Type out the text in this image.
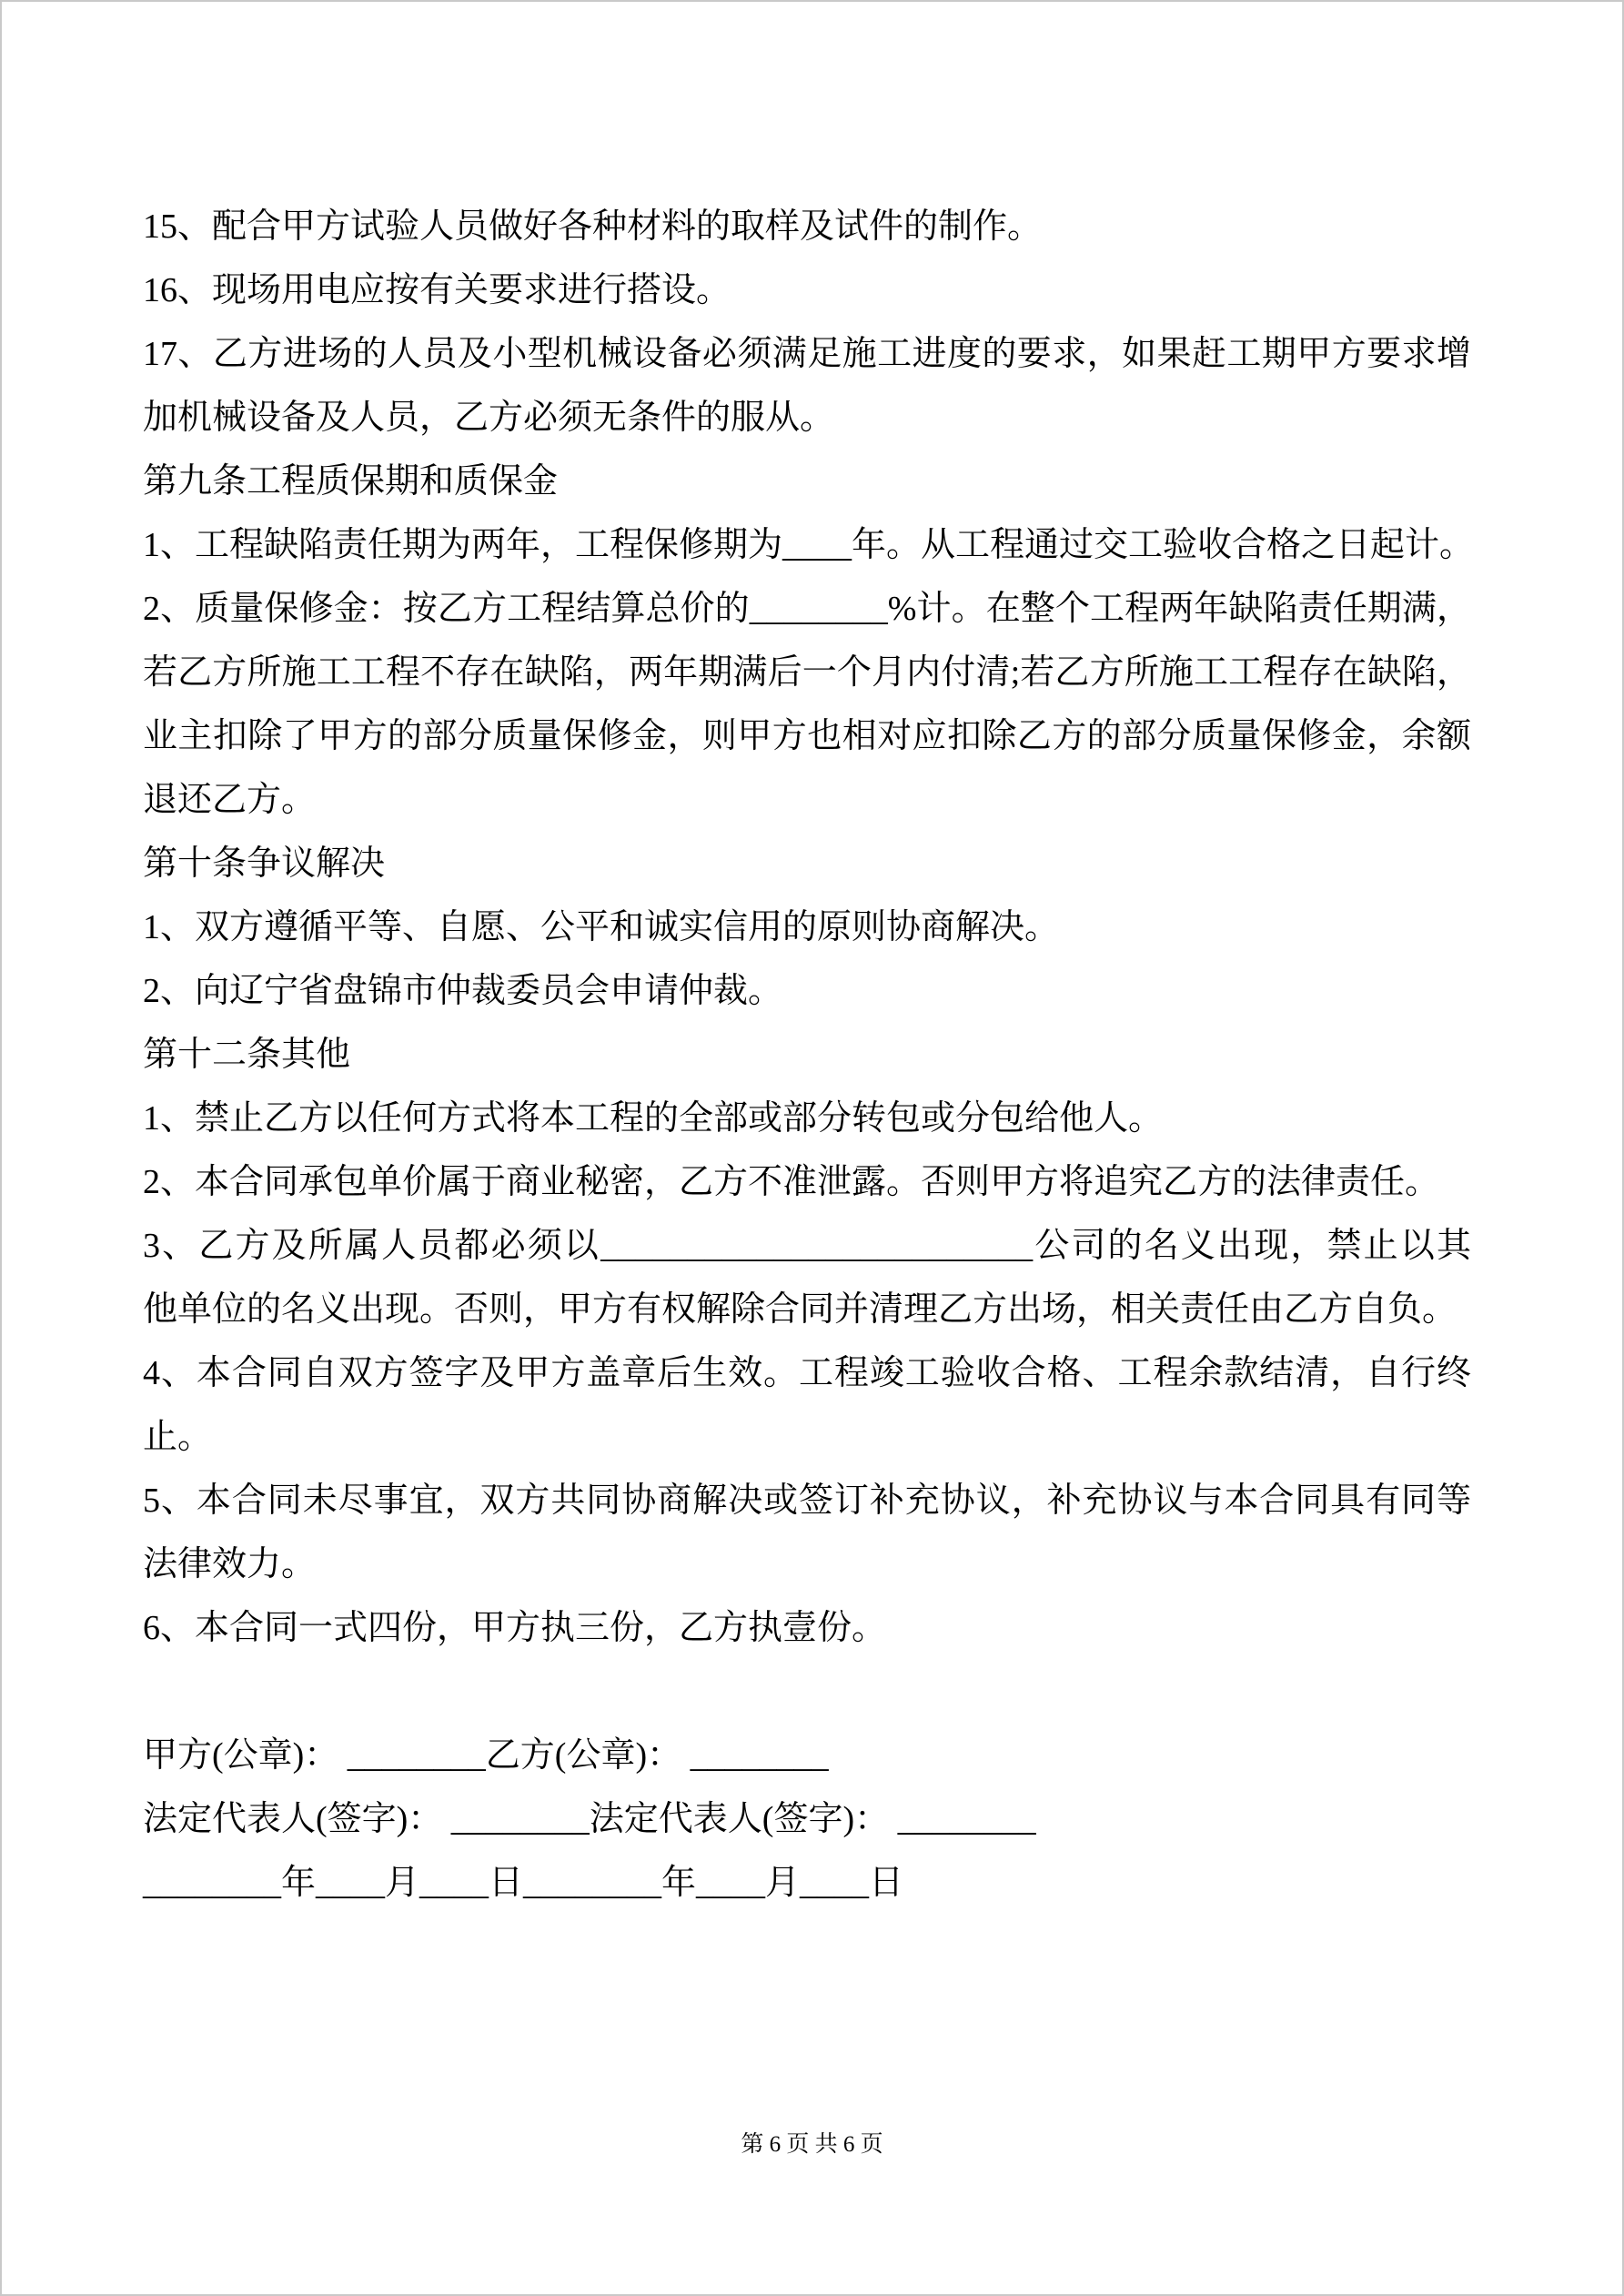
15、配合甲方试验人员做好各种材料的取样及试件的制作。
16、现场用电应按有关要求进行搭设。
17、乙方进场的人员及小型机械设备必须满足施工进度的要求，如果赶工期甲方要求增
加机械设备及人员，乙方必须无条件的服从。
第九条工程质保期和质保金
1、工程缺陷责任期为两年，工程保修期为____年。从工程通过交工验收合格之日起计。
2、质量保修金：按乙方工程结算总价的________%计。在整个工程两年缺陷责任期满，
若乙方所施工工程不存在缺陷，两年期满后一个月内付清;若乙方所施工工程存在缺陷，
业主扣除了甲方的部分质量保修金，则甲方也相对应扣除乙方的部分质量保修金，余额
退还乙方。
第十条争议解决
1、双方遵循平等、自愿、公平和诚实信用的原则协商解决。
2、向辽宁省盘锦市仲裁委员会申请仲裁。
第十二条其他
1、禁止乙方以任何方式将本工程的全部或部分转包或分包给他人。
2、本合同承包单价属于商业秘密，乙方不准泄露。否则甲方将追究乙方的法律责任。
3、乙方及所属人员都必须以_________________________公司的名义出现，禁止以其
他单位的名义出现。否则，甲方有权解除合同并清理乙方出场，相关责任由乙方自负。
4、本合同自双方签字及甲方盖章后生效。工程竣工验收合格、工程余款结清，自行终
止。
5、本合同未尽事宜，双方共同协商解决或签订补充协议，补充协议与本合同具有同等
法律效力。
6、本合同一式四份，甲方执三份，乙方执壹份。
甲方(公章)： ________乙方(公章)： ________
法定代表人(签字)： ________法定代表人(签字)： ________
________年____月____日________年____月____日
第 6 页 共 6 页
